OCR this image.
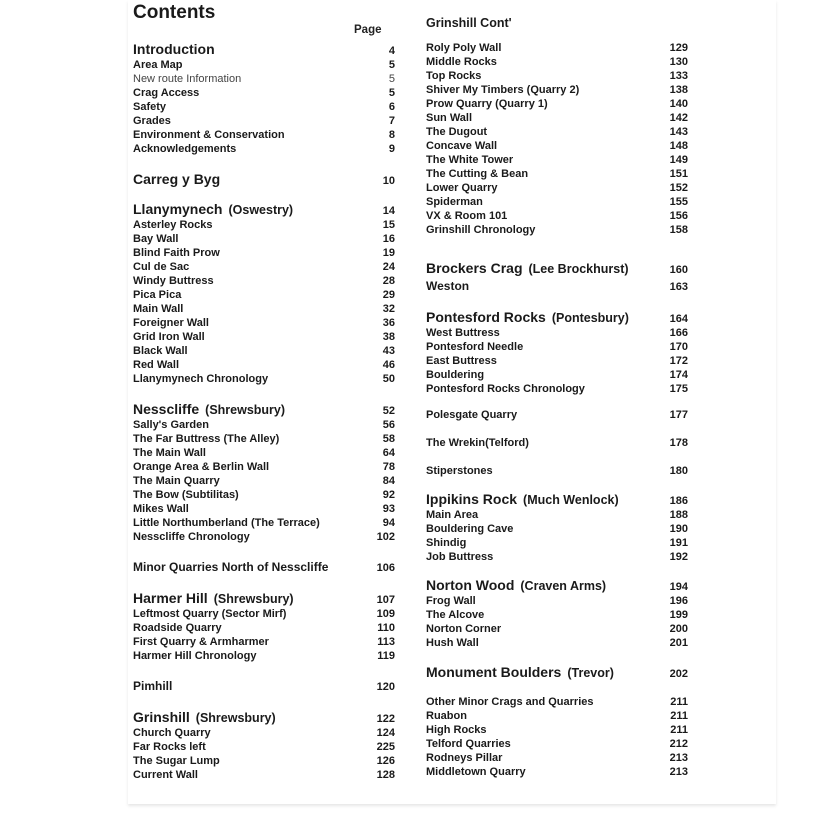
Contents
Page
Introduction	4
Area Map	5
New route Information	5
Crag Access	5
Safety	6
Grades	7
Environment & Conservation	8
Acknowledgements	9
Carreg y Byg	10
Llanymynech (Oswestry)	14
Asterley Rocks	15
Bay Wall	16
Blind Faith Prow	19
Cul de Sac	24
Windy Buttress	28
Pica Pica	29
Main Wall	32
Foreigner Wall	36
Grid Iron Wall	38
Black Wall	43
Red Wall	46
Llanymynech Chronology	50
Nesscliffe (Shrewsbury)	52
Sally's Garden	56
The Far Buttress (The Alley)	58
The Main Wall	64
Orange Area & Berlin Wall	78
The Main Quarry	84
The Bow (Subtilitas)	92
Mikes Wall	93
Little Northumberland (The Terrace)	94
Nesscliffe Chronology	102
Minor Quarries North of Nesscliffe	106
Harmer Hill (Shrewsbury)	107
Leftmost Quarry (Sector Mirf)	109
Roadside Quarry	110
First Quarry & Armharmer	113
Harmer Hill Chronology	119
Pimhill	120
Grinshill (Shrewsbury)	122
Church Quarry	124
Far Rocks left	225
The Sugar Lump	126
Current Wall	128
Grinshill Cont'
Roly Poly Wall	129
Middle Rocks	130
Top Rocks	133
Shiver My Timbers (Quarry 2)	138
Prow Quarry (Quarry 1)	140
Sun Wall	142
The Dugout	143
Concave Wall	148
The White Tower	149
The Cutting & Bean	151
Lower Quarry	152
Spiderman	155
VX & Room 101	156
Grinshill Chronology	158
Brockers Crag (Lee Brockhurst)	160
Weston	163
Pontesford Rocks (Pontesbury)	164
West Buttress	166
Pontesford Needle	170
East Buttress	172
Bouldering	174
Pontesford Rocks Chronology	175
Polesgate Quarry	177
The Wrekin(Telford)	178
Stiperstones	180
Ippikins Rock (Much Wenlock)	186
Main Area	188
Bouldering Cave	190
Shindig	191
Job Buttress	192
Norton Wood (Craven Arms)	194
Frog Wall	196
The Alcove	199
Norton Corner	200
Hush Wall	201
Monument Boulders (Trevor)	202
Other Minor Crags and Quarries	211
Ruabon	211
High Rocks	211
Telford Quarries	212
Rodneys Pillar	213
Middletown Quarry	213
